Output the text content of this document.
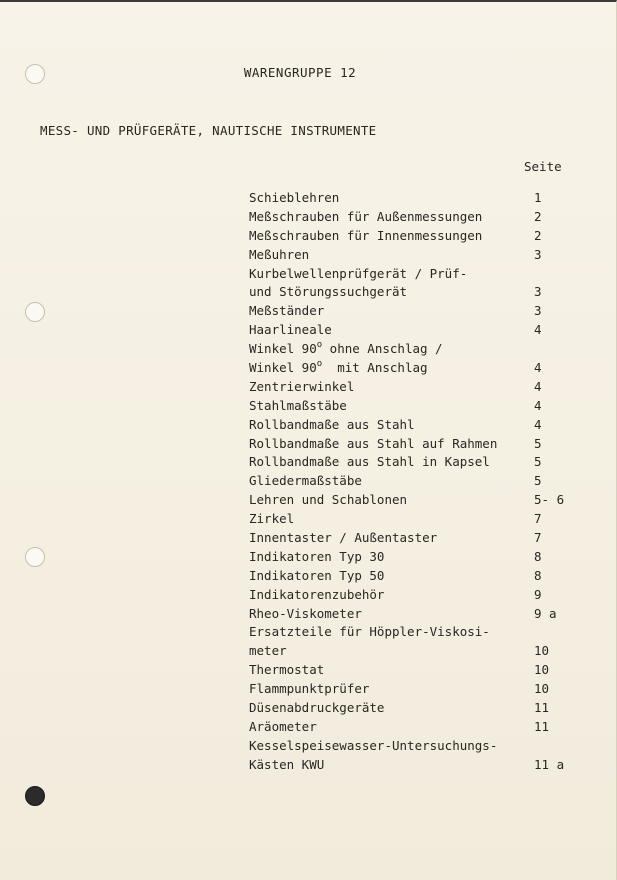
WARENGRUPPE 12
MESS- UND PRÜFGERÄTE, NAUTISCHE INSTRUMENTE
Seite
Schieblehren	1
Meßschrauben für Außenmessungen	2
Meßschrauben für Innenmessungen	2
Meßuhren	3
Kurbelwellenprüfgerät / Prüf-
und Störungssuchgerät	3
Meßständer	3
Haarlineale	4
Winkel 90$^o$ ohne Anschlag /
Winkel 90$^o$  mit Anschlag	4
Zentrierwinkel	4
Stahlmaßstäbe	4
Rollbandmaße aus Stahl	4
Rollbandmaße aus Stahl auf Rahmen	5
Rollbandmaße aus Stahl in Kapsel	5
Gliedermaßstäbe	5
Lehren und Schablonen	5- 6
Zirkel	7
Innentaster / Außentaster	7
Indikatoren Typ 30	8
Indikatoren Typ 50	8
Indikatorenzubehör	9
Rheo-Viskometer	9 a
Ersatzteile für Höppler-Viskosi-
meter	10
Thermostat	10
Flammpunktprüfer	10
Düsenabdruckgeräte	11
Aräometer	11
Kesselspeisewasser-Untersuchungs-
Kästen KWU	11 a
